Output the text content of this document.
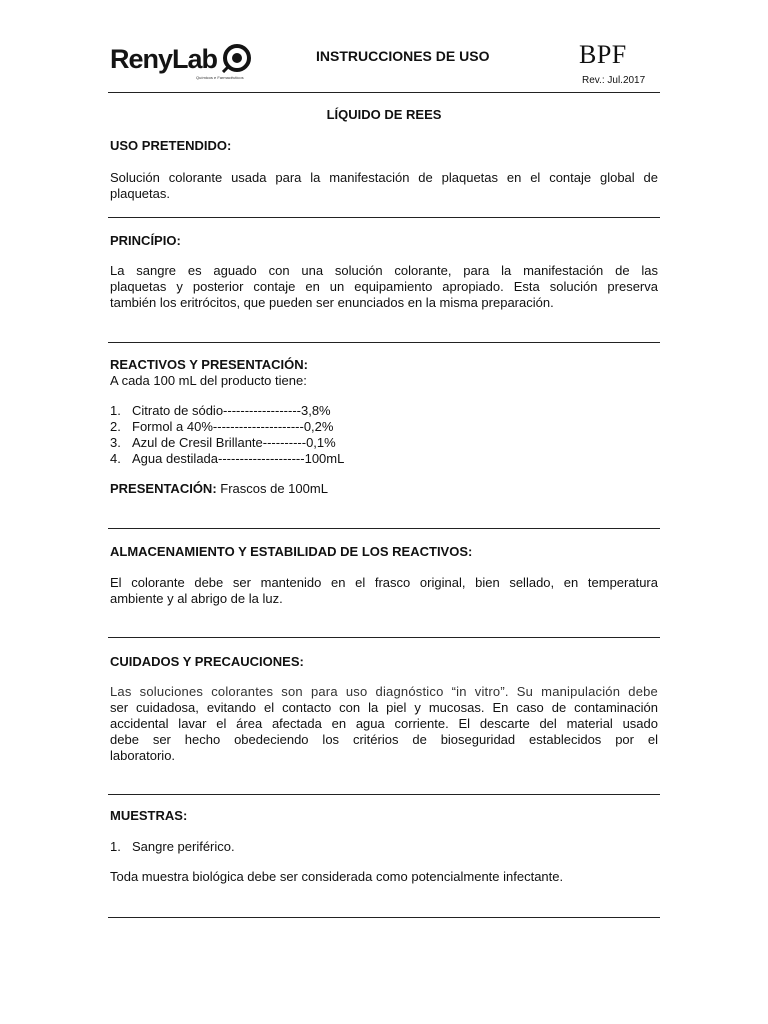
RenyLab
Químicos e Farmacêuticos
INSTRUCCIONES DE USO	BPF
Rev.: Jul.2017
LÍQUIDO DE REES
USO PRETENDIDO:
Solución colorante usada para la manifestación de plaquetas en el contaje global de
plaquetas.
PRINCÍPIO:
La sangre es aguado con una solución colorante, para la manifestación de las
plaquetas y posterior contaje en un equipamiento apropiado. Esta solución preserva
también los eritrócitos, que pueden ser enunciados en la misma preparación.
REACTIVOS Y PRESENTACIÓN:
A cada 100 mL del producto tiene:
1. Citrato de sódio------------------3,8%
2. Formol a 40%---------------------0,2%
3. Azul de Cresil Brillante----------0,1%
4. Agua destilada--------------------100mL
PRESENTACIÓN: Frascos de 100mL
ALMACENAMIENTO Y ESTABILIDAD DE LOS REACTIVOS:
El colorante debe ser mantenido en el frasco original, bien sellado, en temperatura
ambiente y al abrigo de la luz.
CUIDADOS Y PRECAUCIONES:
Las soluciones colorantes son para uso diagnóstico “in vitro”. Su manipulación debe
ser cuidadosa, evitando el contacto con la piel y mucosas. En caso de contaminación
accidental lavar el área afectada en agua corriente. El descarte del material usado
debe ser hecho obedeciendo los critérios de bioseguridad establecidos por el
laboratorio.
MUESTRAS:
1. Sangre periférico.
Toda muestra biológica debe ser considerada como potencialmente infectante.
